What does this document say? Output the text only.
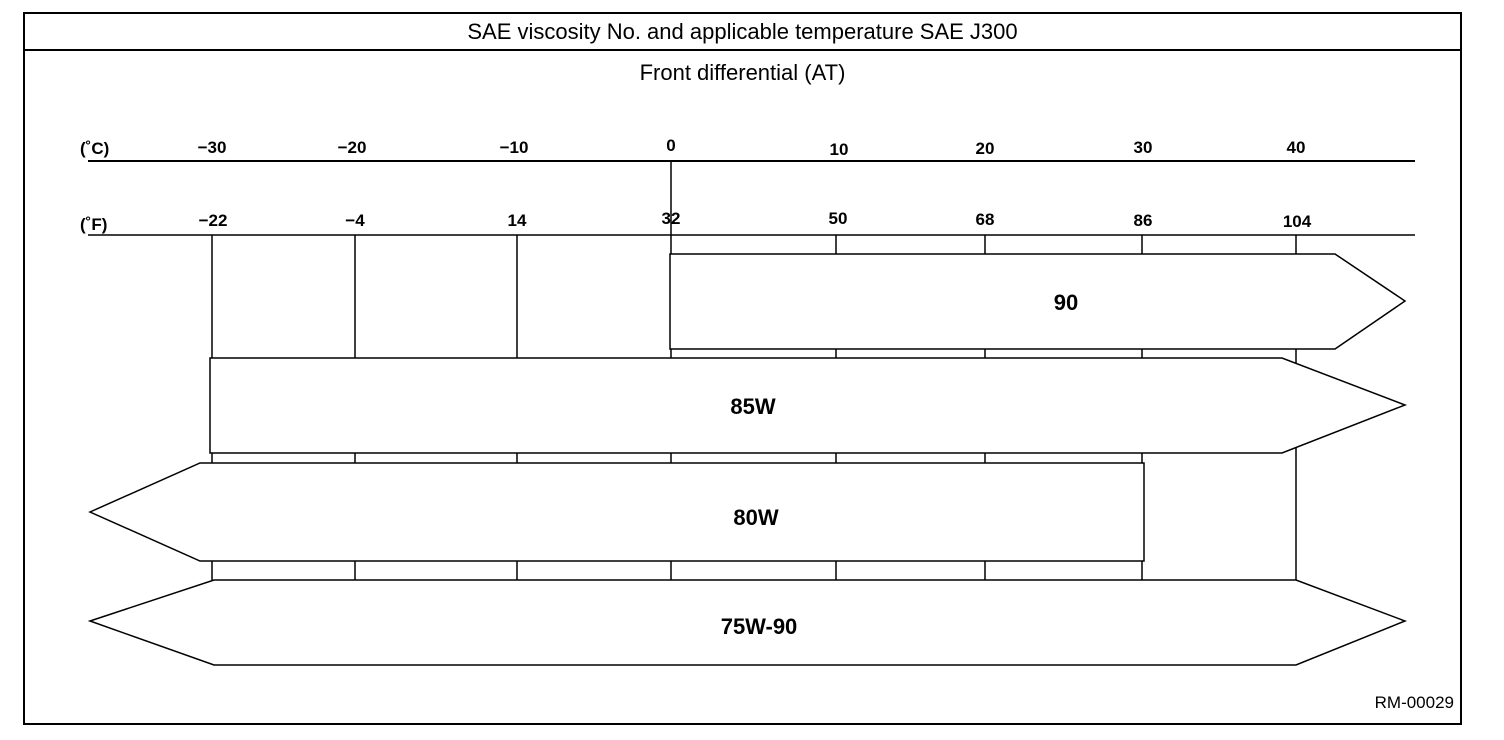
SAE viscosity No. and applicable temperature SAE J300
Front differential (AT)
RM-00029
(˚C)
(˚F)
−30	−20	−10	0	10	20	30	40
−22	−4	14	32	50	68	86	104
90
85W
80W
75W-90
